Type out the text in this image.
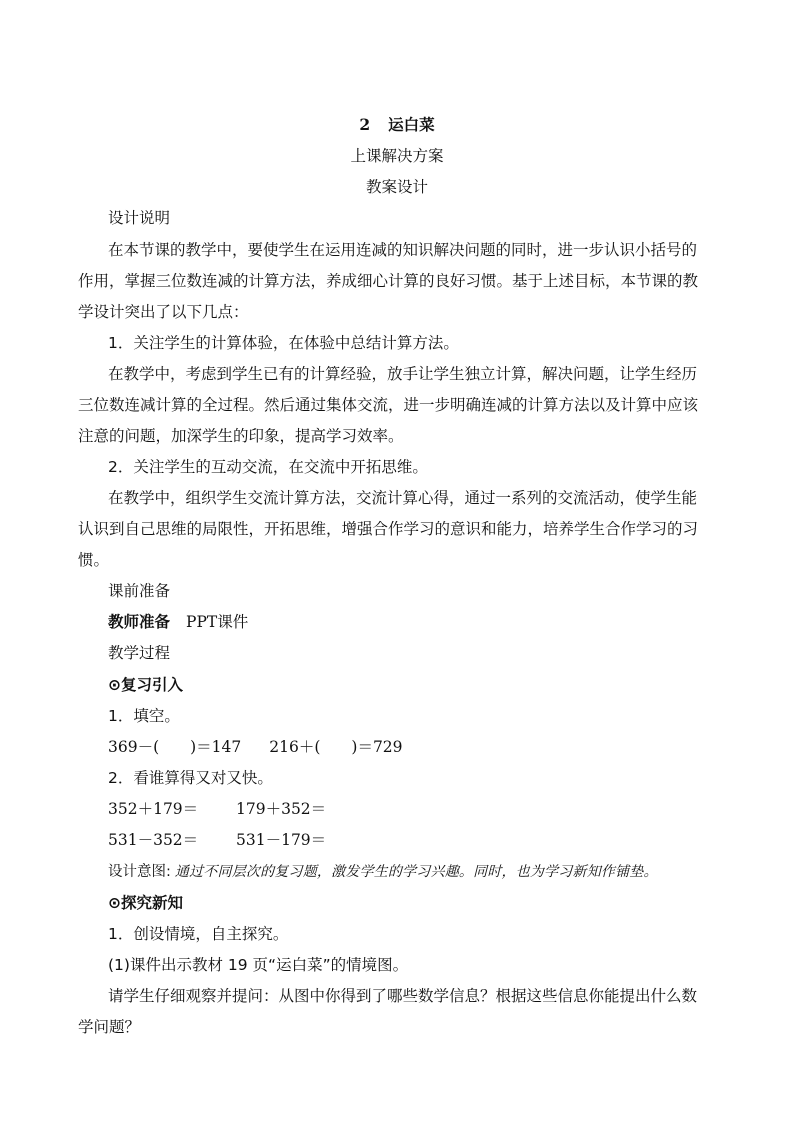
2 运白菜
上课解决方案
教案设计
设计说明
在本节课的教学中，要使学生在运用连减的知识解决问题的同时，进一步认识小括号的
作用，掌握三位数连减的计算方法，养成细心计算的良好习惯。基于上述目标，本节课的教
学设计突出了以下几点：
1．关注学生的计算体验，在体验中总结计算方法。
在教学中，考虑到学生已有的计算经验，放手让学生独立计算，解决问题，让学生经历
三位数连减计算的全过程。然后通过集体交流，进一步明确连减的计算方法以及计算中应该
注意的问题，加深学生的印象，提高学习效率。
2．关注学生的互动交流，在交流中开拓思维。
在教学中，组织学生交流计算方法，交流计算心得，通过一系列的交流活动，使学生能
认识到自己思维的局限性，开拓思维，增强合作学习的意识和能力，培养学生合作学习的习
惯。
课前准备
教师准备 PPT课件
教学过程
⊙复习引入
1．填空。
369－(　　)＝147 216＋(　　)＝729
2．看谁算得又对又快。
352＋179＝ 179＋352＝
531－352＝ 531－179＝
设计意图: 通过不同层次的复习题，激发学生的学习兴趣。同时，也为学习新知作铺垫。
⊙探究新知
1．创设情境，自主探究。
(1)课件出示教材 19 页“运白菜”的情境图。
请学生仔细观察并提问：从图中你得到了哪些数学信息？根据这些信息你能提出什么数
学问题？
